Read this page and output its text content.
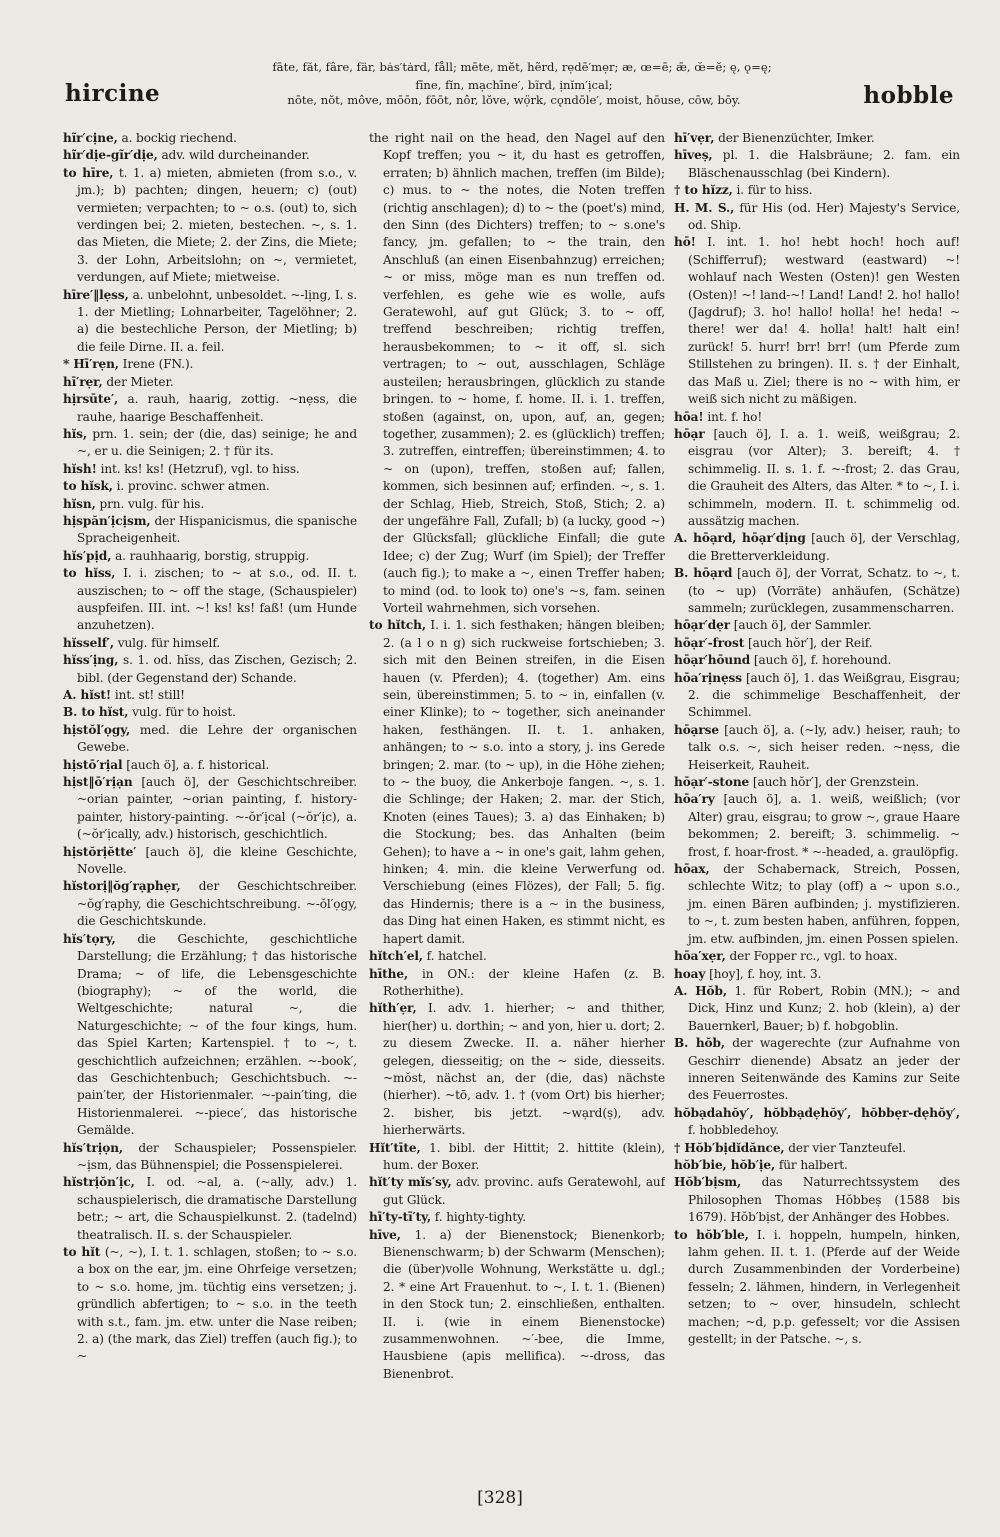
fāte, făt, fâre, fär, bȧs′tȧrd, fåll; mēte, mĕt, hẽrd, rẹdē′mẹr; æ, œ=ē; ǣ, œ̆=ĕ; ę, ǫ=ę;
fīne, fĭn, mạchīne′, bĩrd, ịnĭm′ịcal;
nōte, nŏt, môve, mōōn, fōōt, nôr, lŏve, wọ̈rk, cǫndōle′, moist, hōuse, cōw, bōy.
hircine	hobble

hĩr′cịne, a. bockig riechend.

hĩr′dịe-gĩr′dịe, adv. wild durcheinander.

to hīre, t. 1. a) mieten, abmieten (from s.o., v. jm.); b) pachten; dingen, heuern; c) (out) vermieten; verpachten; to ~ o.s. (out) to, sich verdingen bei; 2. mieten, bestechen. ~, s. 1. das Mieten, die Miete; 2. der Zins, die Miete; 3. der Lohn, Arbeitslohn; on ~, vermietet, verdungen, auf Miete; mietweise.

hīre′‖lẹss, a. unbelohnt, unbesoldet. ~-lịng, I. s. 1. der Mietling; Lohnarbeiter, Tagelöhner; 2. a) die bestechliche Person, der Mietling; b) die feile Dirne. II. a. feil.

* Hī′rẹn, Irene (FN.).

hī′rẹr, der Mieter.

hịrsūte′, a. rauh, haarig, zottig. ~nẹss, die rauhe, haarige Beschaffenheit.

hĭs, prn. 1. sein; der (die, das) seinige; he and ~, er u. die Seinigen; 2. † für its.

hĭsh! int. ks! ks! (Hetzruf), vgl. to hiss.

to hĭsk, i. provinc. schwer atmen.

hĭsn, prn. vulg. für his.

hịspăn′ịcịsm, der Hispanicismus, die spanische Spracheigenheit.

hĭs′pịd, a. rauhhaarig, borstig, struppig.

to hĭss, I. i. zischen; to ~ at s.o., od. II. t. auszischen; to ~ off the stage, (Schauspieler) auspfeifen. III. int. ~! ks! ks! faß! (um Hunde anzuhetzen).

hĭsself′, vulg. für himself.

hĭss′ịng, s. 1. od. hĭss, das Zischen, Gezisch; 2. bibl. (der Gegenstand der) Schande.

A. hĭst! int. st! still!

B. to hĭst, vulg. für to hoist.

hịstŏl′ọgy, med. die Lehre der organischen Gewebe.

hịstō′rịal [auch ö], a. f. historical.

hịst‖ō′rịạn [auch ö], der Geschichtschreiber. ~orian painter, ~orian painting, f. history-painter, history-painting. ~-ŏr′ịcal (~ŏr′ịc), a. (~ŏr′ịcally, adv.) historisch, geschichtlich.

hịstŏrịĕtte′ [auch ö], die kleine Geschichte, Novelle.

hĭstorị‖ŏg′rạphẹr, der Geschichtschreiber. ~ŏg′rạphy, die Geschichtschreibung. ~-ŏl′ọgy, die Geschichtskunde.

hĭs′tọry, die Geschichte, geschichtliche Darstellung; die Erzählung; † das historische Drama; ~ of life, die Lebensgeschichte (biography); ~ of the world, die Weltgeschichte; natural ~, die Naturgeschichte; ~ of the four kings, hum. das Spiel Karten; Kartenspiel. † to ~, t. geschichtlich aufzeichnen; erzählen. ~-book′, das Geschichtenbuch; Geschichtsbuch. ~-pain′ter, der Historienmaler. ~-pain′ting, die Historienmalerei. ~-piece′, das historische Gemälde.

hĭs′trịọn, der Schauspieler; Possenspieler. ~ịsm, das Bühnenspiel; die Possenspielerei.

hĭstrịŏn′ịc, I. od. ~al, a. (~ally, adv.) 1. schauspielerisch, die dramatische Darstellung betr.; ~ art, die Schauspielkunst. 2. (tadelnd) theatralisch. II. s. der Schauspieler.

to hĭt (~, ~), I. t. 1. schlagen, stoßen; to ~ s.o. a box on the ear, jm. eine Ohrfeige versetzen; to ~ s.o. home, jm. tüchtig eins versetzen; j. gründlich abfertigen; to ~ s.o. in the teeth with s.t., fam. jm. etw. unter die Nase reiben; 2. a) (the mark, das Ziel) treffen (auch fig.); to ~

the right nail on the head, den Nagel auf den Kopf treffen; you ~ it, du hast es getroffen, erraten; b) ähnlich machen, treffen (im Bilde); c) mus. to ~ the notes, die Noten treffen (richtig anschlagen); d) to ~ the (poet's) mind, den Sinn (des Dichters) treffen; to ~ s.one's fancy, jm. gefallen; to ~ the train, den Anschluß (an einen Eisenbahnzug) erreichen; ~ or miss, möge man es nun treffen od. verfehlen, es gehe wie es wolle, aufs Geratewohl, auf gut Glück; 3. to ~ off, treffend beschreiben; richtig treffen, herausbekommen; to ~ it off, sl. sich vertragen; to ~ out, ausschlagen, Schläge austeilen; herausbringen, glücklich zu stande bringen. to ~ home, f. home. II. i. 1. treffen, stoßen (against, on, upon, auf, an, gegen; together, zusammen); 2. es (glücklich) treffen; 3. zutreffen, eintreffen; übereinstimmen; 4. to ~ on (upon), treffen, stoßen auf; fallen, kommen, sich besinnen auf; erfinden. ~, s. 1. der Schlag, Hieb, Streich, Stoß, Stich; 2. a) der ungefähre Fall, Zufall; b) (a lucky, good ~) der Glücksfall; glückliche Einfall; die gute Idee; c) der Zug; Wurf (im Spiel); der Treffer (auch fig.); to make a ~, einen Treffer haben; to mind (od. to look to) one's ~s, fam. seinen Vorteil wahrnehmen, sich vorsehen.

to hĭtch, I. i. 1. sich festhaken; hängen bleiben; 2. (a l o n g) sich ruckweise fortschieben; 3. sich mit den Beinen streifen, in die Eisen hauen (v. Pferden); 4. (together) Am. eins sein, übereinstimmen; 5. to ~ in, einfallen (v. einer Klinke); to ~ together, sich aneinander haken, festhängen. II. t. 1. anhaken, anhängen; to ~ s.o. into a story, j. ins Gerede bringen; 2. mar. (to ~ up), in die Höhe ziehen; to ~ the buoy, die Ankerboje fangen. ~, s. 1. die Schlinge; der Haken; 2. mar. der Stich, Knoten (eines Taues); 3. a) das Einhaken; b) die Stockung; bes. das Anhalten (beim Gehen); to have a ~ in one's gait, lahm gehen, hinken; 4. min. die kleine Verwerfung od. Verschiebung (eines Flözes), der Fall; 5. fig. das Hindernis; there is a ~ in the business, das Ding hat einen Haken, es stimmt nicht, es hapert damit.

hĭtch′el, f. hatchel.

hīthe, in ON.: der kleine Hafen (z. B. Rotherhithe).

hĭth′ẹr, I. adv. 1. hierher; ~ and thither, hier(her) u. dorthin; ~ and yon, hier u. dort; 2. zu diesem Zwecke. II. a. näher hierher gelegen, diesseitig; on the ~ side, diesseits. ~mŏst, nächst an, der (die, das) nächste (hierher). ~tō, adv. 1. † (vom Ort) bis hierher; 2. bisher, bis jetzt. ~wạrd(ṣ), adv. hierherwärts.

Hĭt′tīte, 1. bibl. der Hittit; 2. hittite (klein), hum. der Boxer.

hĭt′ty mĭs′sy, adv. provinc. aufs Geratewohl, auf gut Glück.

hī′ty-tī′ty, f. highty-tighty.

hīve, 1. a) der Bienenstock; Bienenkorb; Bienenschwarm; b) der Schwarm (Menschen); die (über)volle Wohnung, Werkstätte u. dgl.; 2. * eine Art Frauenhut. to ~, I. t. 1. (Bienen) in den Stock tun; 2. einschließen, enthalten. II. i. (wie in einem Bienenstocke) zusammenwohnen. ~′-bee, die Imme, Hausbiene (apis mellifica). ~-dross, das Bienenbrot.

hī′vẹr, der Bienenzüchter, Imker.

hīveṣ, pl. 1. die Halsbräune; 2. fam. ein Bläschenausschlag (bei Kindern).

† to hĭzz, i. für to hiss.

H. M. S., für His (od. Her) Majesty's Service, od. Ship.

hō! I. int. 1. ho! hebt hoch! hoch auf! (Schifferruf); westward (eastward) ~! wohlauf nach Westen (Osten)! gen Westen (Osten)! ~! land-~! Land! Land! 2. ho! hallo! (Jagdruf); 3. ho! hallo! holla! he! heda! ~ there! wer da! 4. holla! halt! halt ein! zurück! 5. hurr! brr! brr! (um Pferde zum Stillstehen zu bringen). II. s. † der Einhalt, das Maß u. Ziel; there is no ~ with him, er weiß sich nicht zu mäßigen.

hōa! int. f. ho!

hōạr [auch ö], I. a. 1. weiß, weißgrau; 2. eisgrau (vor Alter); 3. bereift; 4. † schimmelig. II. s. 1. f. ~-frost; 2. das Grau, die Grauheit des Alters, das Alter. * to ~, I. i. schimmeln, modern. II. t. schimmelig od. aussätzig machen.

A. hōạrd, hōạr′dịng [auch ö], der Verschlag, die Bretterverkleidung.

B. hōạrd [auch ö], der Vorrat, Schatz. to ~, t. (to ~ up) (Vorräte) anhäufen, (Schätze) sammeln; zurücklegen, zusammenscharren.

hōạr′dẹr [auch ö], der Sammler.

hōạr′-frost [auch hŏr′], der Reif.

hōạr′hōund [auch ö], f. horehound.

hōa′rịnẹss [auch ö], 1. das Weißgrau, Eisgrau; 2. die schimmelige Beschaffenheit, der Schimmel.

hōạrse [auch ö], a. (~ly, adv.) heiser, rauh; to talk o.s. ~, sich heiser reden. ~nẹss, die Heiserkeit, Rauheit.

hōạr′-stone [auch hŏr′], der Grenzstein.

hōa′ry [auch ö], a. 1. weiß, weißlich; (vor Alter) grau, eisgrau; to grow ~, graue Haare bekommen; 2. bereift; 3. schimmelig. ~ frost, f. hoar-frost. * ~-headed, a. graulöpfig.

hōax, der Schabernack, Streich, Possen, schlechte Witz; to play (off) a ~ upon s.o., jm. einen Bären aufbinden; j. mystifizieren. to ~, t. zum besten haben, anführen, foppen, jm. etw. aufbinden, jm. einen Possen spielen.

hōa′xẹr, der Fopper rc., vgl. to hoax.

hoay [hoy], f. hoy, int. 3.

A. Hŏb, 1. für Robert, Robin (MN.); ~ and Dick, Hinz und Kunz; 2. hob (klein), a) der Bauernkerl, Bauer; b) f. hobgoblin.

B. hŏb, der wagerechte (zur Aufnahme von Geschirr dienende) Absatz an jeder der inneren Seitenwände des Kamins zur Seite des Feuerrostes.

hŏbạdahŏy′, hŏbbạdẹhŏy′, hŏbbẹr-dẹhŏy′, f. hobbledehoy.

† Hŏb′bịdĭdănce, der vier Tanzteufel.

hŏb′bie, hŏb′ịe, für halbert.

Hŏb′bịsm, das Naturrechtssystem des Philosophen Thomas Hŏbbeṣ (1588 bis 1679). Hŏb′bịst, der Anhänger des Hobbes.

to hŏb′ble, I. i. hoppeln, humpeln, hinken, lahm gehen. II. t. 1. (Pferde auf der Weide durch Zusammenbinden der Vorderbeine) fesseln; 2. lähmen, hindern, in Verlegenheit setzen; to ~ over, hinsudeln, schlecht machen; ~d, p.p. gefesselt; vor die Assisen gestellt; in der Patsche. ~, s.

[328]
